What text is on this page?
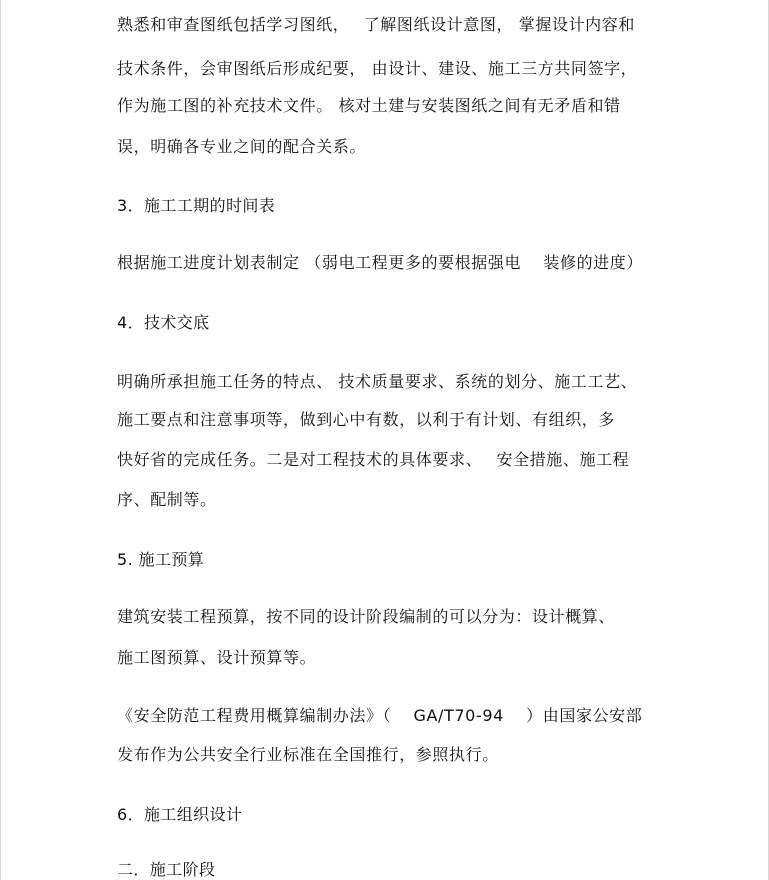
熟悉和审查图纸包括学习图纸，　 了解图纸设计意图， 掌握设计内容和
技术条件，会审图纸后形成纪要， 由设计、建设、施工三方共同签字，
作为施工图的补充技术文件。 核对土建与安装图纸之间有无矛盾和错
误，明确各专业之间的配合关系。
3．施工工期的时间表
根据施工进度计划表制定 （弱电工程更多的要根据强电　 装修的进度）
4．技术交底
明确所承担施工任务的特点、 技术质量要求、系统的划分、施工工艺、
施工要点和注意事项等，做到心中有数，以利于有计划、有组织，多
快好省的完成任务。二是对工程技术的具体要求、　 安全措施、施工程
序、配制等。
5. 施工预算
建筑安装工程预算，按不同的设计阶段编制的可以分为：设计概算、
施工图预算、设计预算等。
《安全防范工程费用概算编制办法》（　 GA/T70-94　 ）由国家公安部
发布作为公共安全行业标准在全国推行，参照执行。
6．施工组织设计
二．施工阶段
